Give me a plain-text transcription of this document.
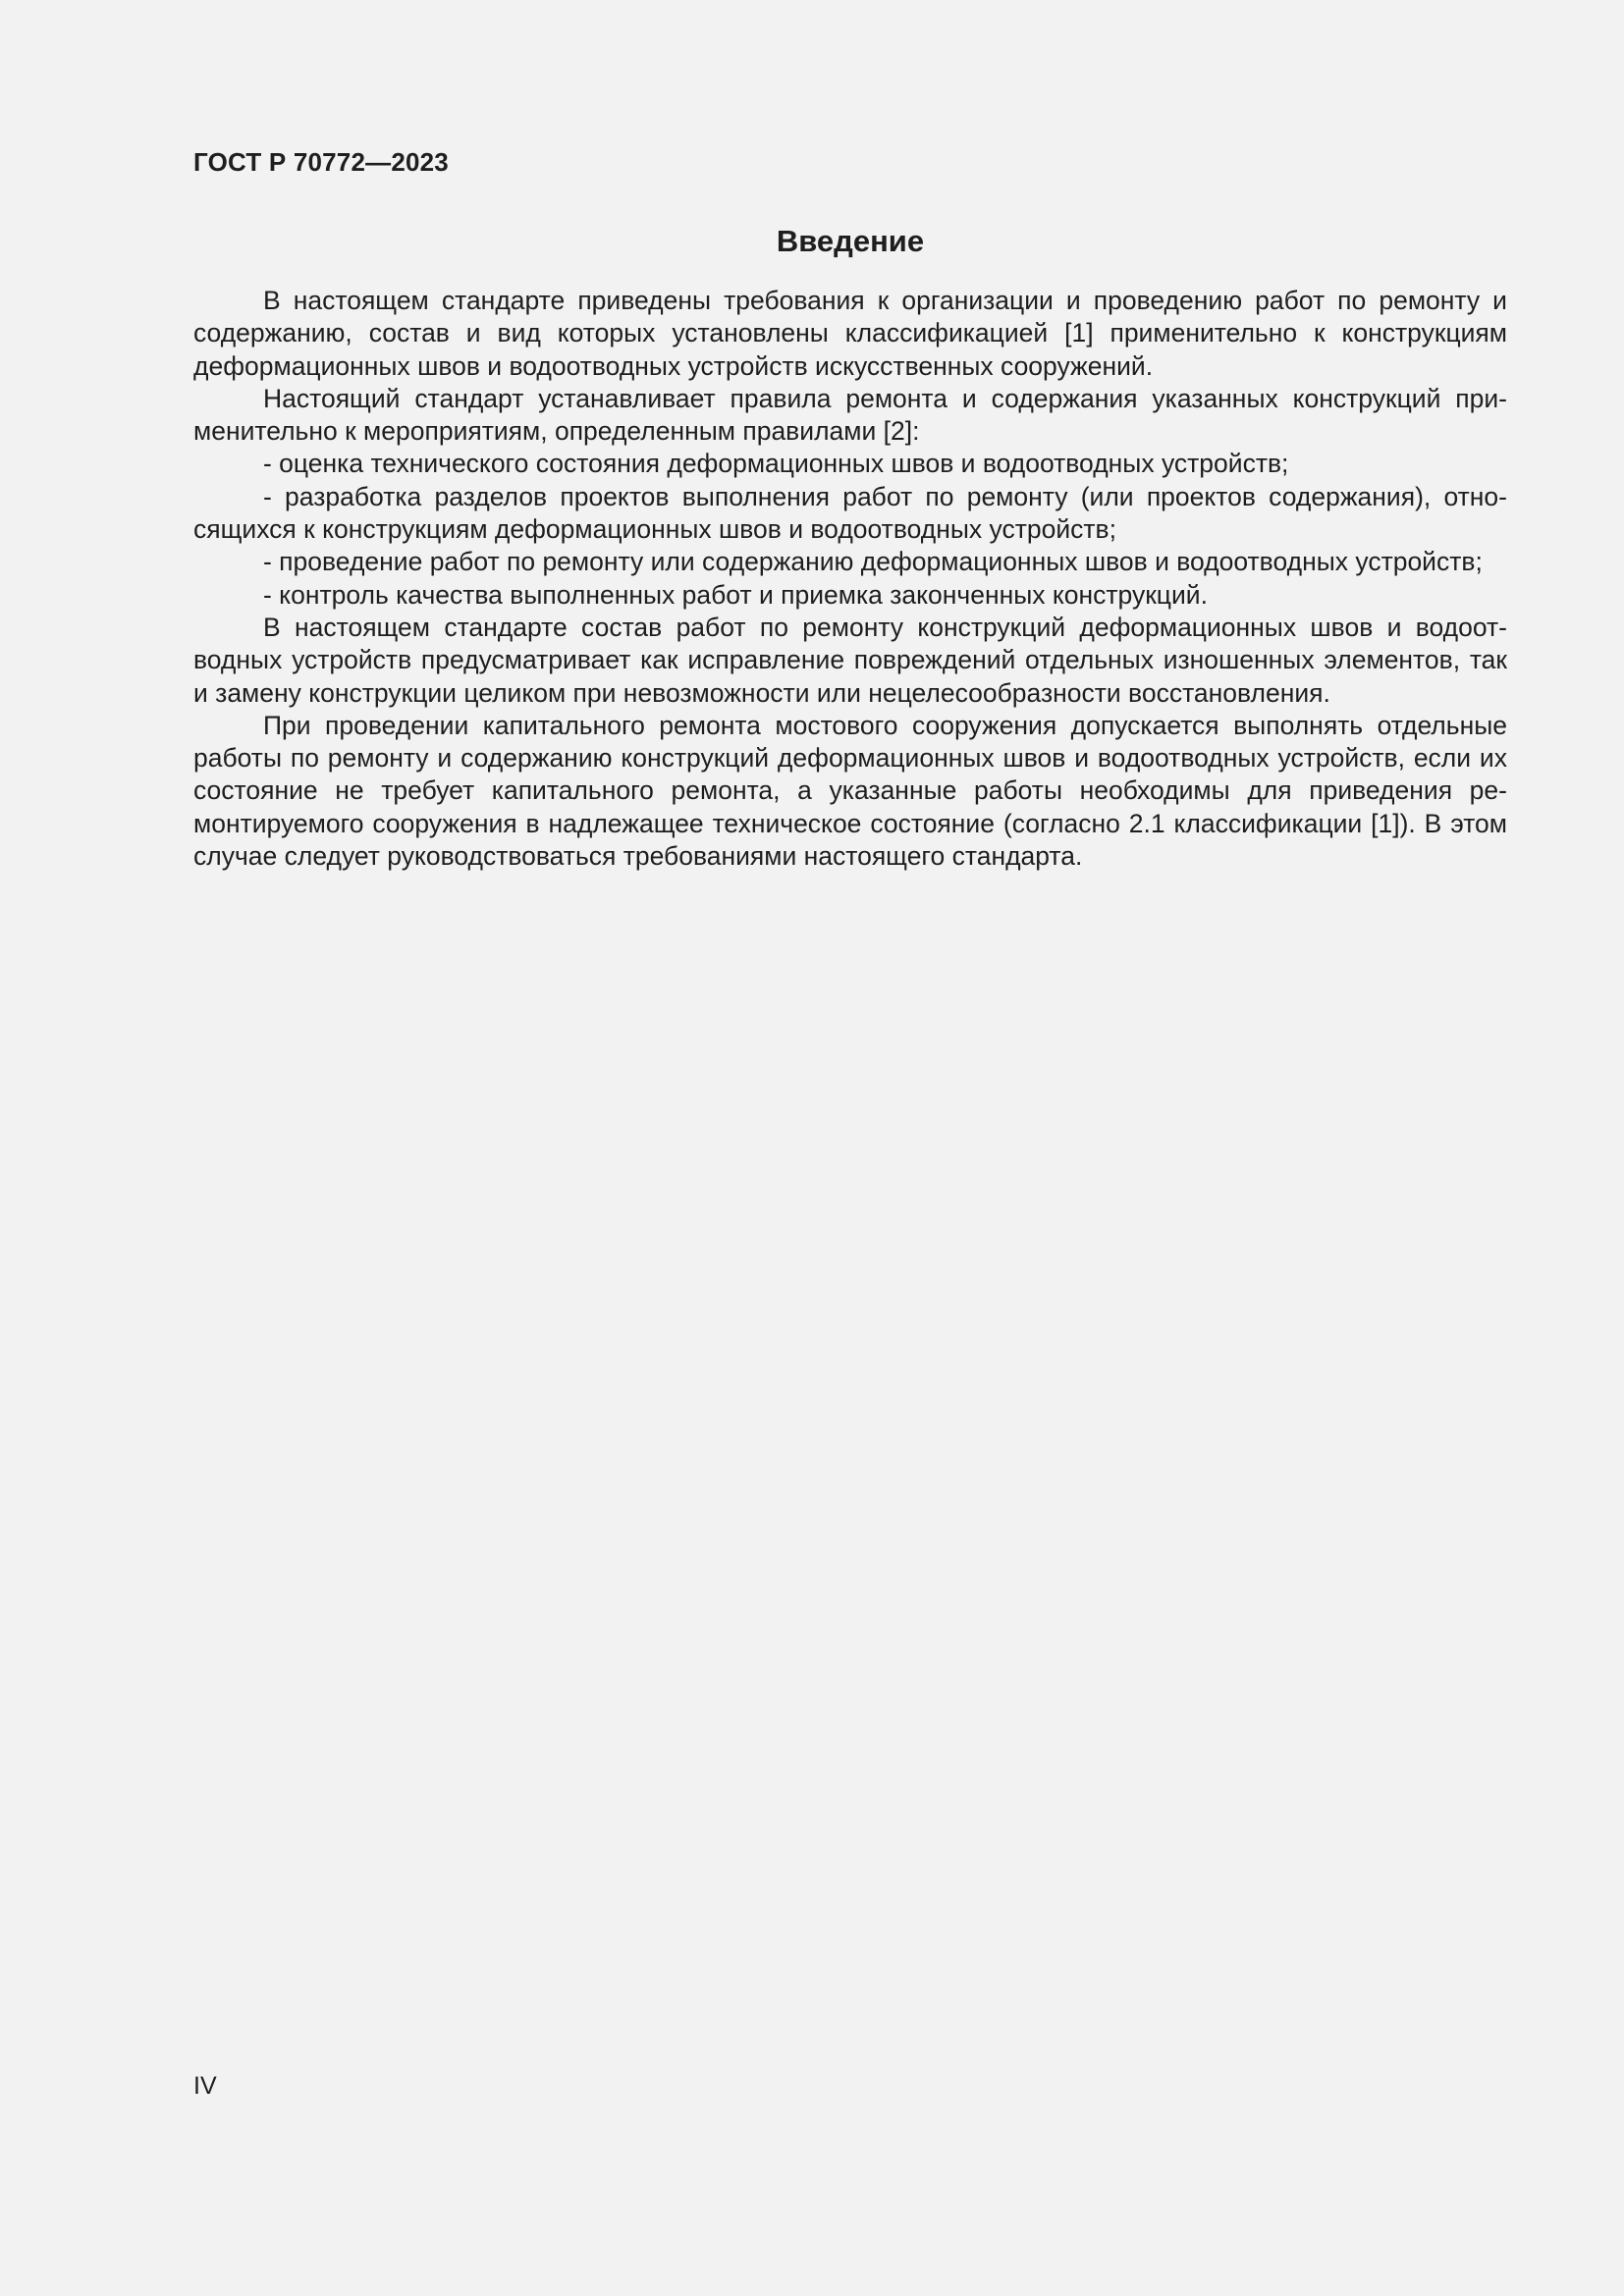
ГОСТ Р 70772—2023
Введение

В настоящем стандарте приведены требования к организации и проведению работ по ремонту и содержанию, состав и вид которых установлены классификацией [1] применительно к конструкциям деформационных швов и водоотводных устройств искусственных сооружений.

Настоящий стандарт устанавливает правила ремонта и содержания указанных конструкций применительно к мероприятиям, определенным правилами [2]:

- оценка технического состояния деформационных швов и водоотводных устройств;

- разработка разделов проектов выполнения работ по ремонту (или проектов содержания), относящихся к конструкциям деформационных швов и водоотводных устройств;

- проведение работ по ремонту или содержанию деформационных швов и водоотводных устройств;

- контроль качества выполненных работ и приемка законченных конструкций.

В настоящем стандарте состав работ по ремонту конструкций деформационных швов и водоотводных устройств предусматривает как исправление повреждений отдельных изношенных элементов, так и замену конструкции целиком при невозможности или нецелесообразности восстановления.

При проведении капитального ремонта мостового сооружения допускается выполнять отдельные работы по ремонту и содержанию конструкций деформационных швов и водоотводных устройств, если их состояние не требует капитального ремонта, а указанные работы необходимы для приведения ремонтируемого сооружения в надлежащее техническое состояние (согласно 2.1 классификации [1]). В этом случае следует руководствоваться требованиями настоящего стандарта.

IV
